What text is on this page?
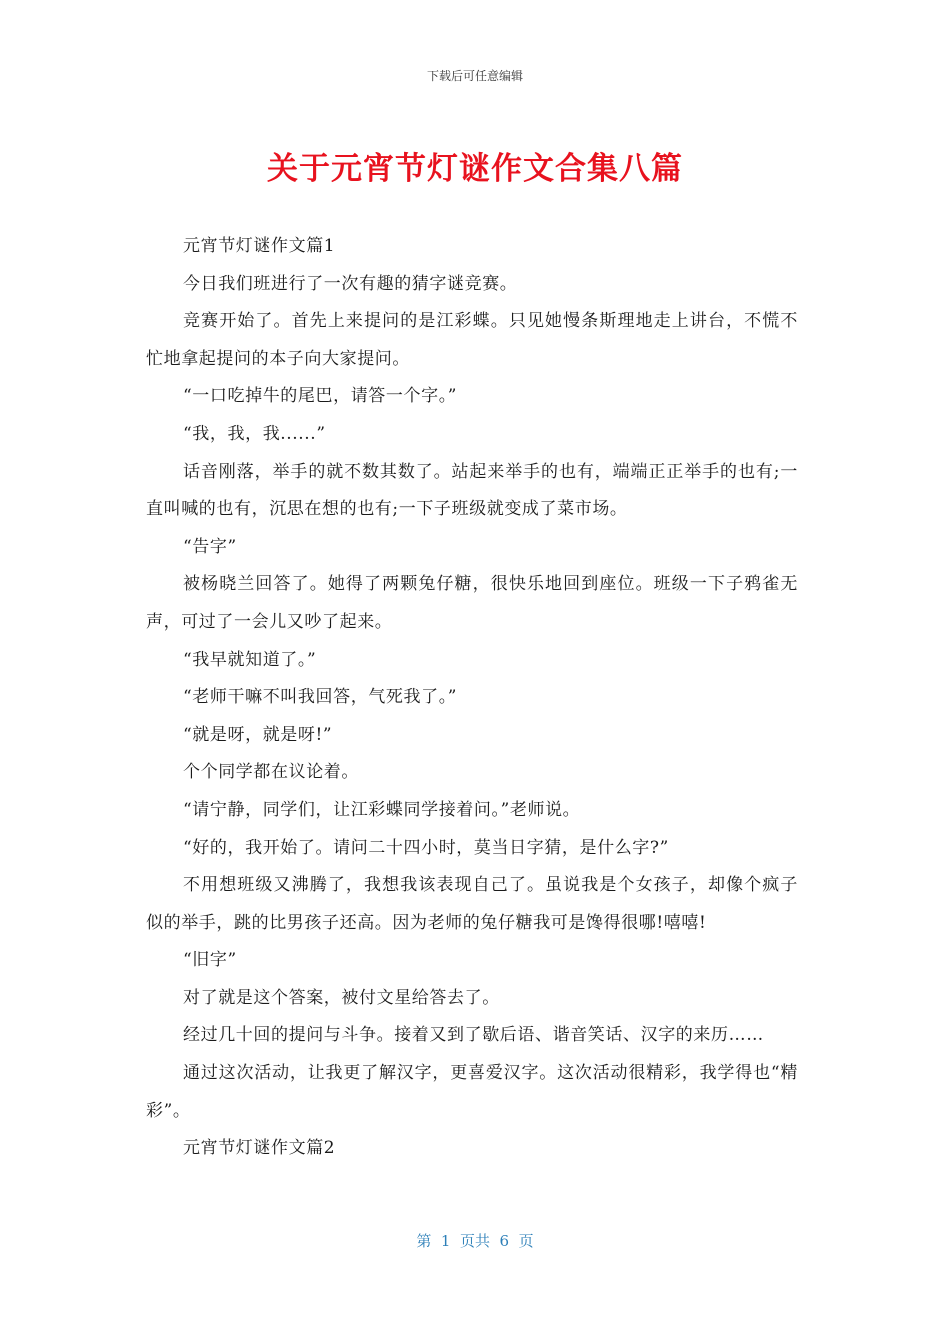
下载后可任意编辑
关于元宵节灯谜作文合集八篇

元宵节灯谜作文篇1

今日我们班进行了一次有趣的猜字谜竞赛。

竞赛开始了。首先上来提问的是江彩蝶。只见她慢条斯理地走上讲台，不慌不忙地拿起提问的本子向大家提问。

“一口吃掉牛的尾巴，请答一个字。”

“我，我，我......”

话音刚落，举手的就不数其数了。站起来举手的也有，端端正正举手的也有;一直叫喊的也有，沉思在想的也有;一下子班级就变成了菜市场。

“告字”

被杨晓兰回答了。她得了两颗兔仔糖，很快乐地回到座位。班级一下子鸦雀无声，可过了一会儿又吵了起来。

“我早就知道了。”

“老师干嘛不叫我回答，气死我了。”

“就是呀，就是呀!”

个个同学都在议论着。

“请宁静，同学们，让江彩蝶同学接着问。”老师说。

“好的，我开始了。请问二十四小时，莫当日字猜，是什么字?”

不用想班级又沸腾了，我想我该表现自己了。虽说我是个女孩子，却像个疯子似的举手，跳的比男孩子还高。因为老师的兔仔糖我可是馋得很哪!嘻嘻!

“旧字”

对了就是这个答案，被付文星给答去了。

经过几十回的提问与斗争。接着又到了歇后语、谐音笑话、汉字的来历……

通过这次活动，让我更了解汉字，更喜爱汉字。这次活动很精彩，我学得也“精彩”。

元宵节灯谜作文篇2

第  1  页共  6  页
